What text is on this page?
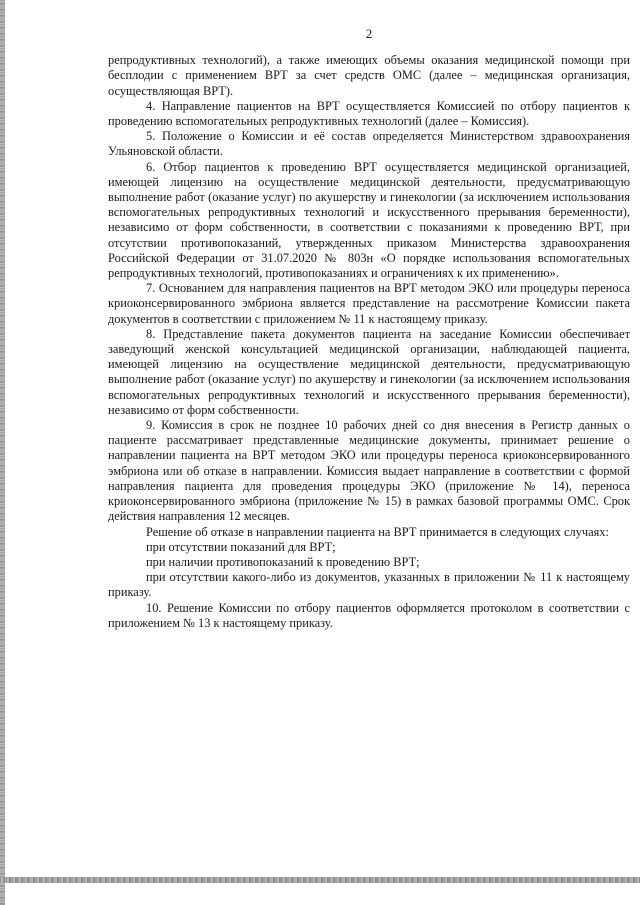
2

репродуктивных технологий), а также имеющих объемы оказания медицинской помощи при бесплодии с применением ВРТ за счет средств ОМС (далее – медицинская организация, осуществляющая ВРТ).

4. Направление пациентов на ВРТ осуществляется Комиссией по отбору пациентов к проведению вспомогательных репродуктивных технологий (далее – Комиссия).

5. Положение о Комиссии и её состав определяется Министерством здравоохранения Ульяновской области.

6. Отбор пациентов к проведению ВРТ осуществляется медицинской организацией, имеющей лицензию на осуществление медицинской деятельности, предусматривающую выполнение работ (оказание услуг) по акушерству и гинекологии (за исключением использования вспомогательных репродуктивных технологий и искусственного прерывания беременности), независимо от форм собственности, в соответствии с показаниями к проведению ВРТ, при отсутствии противопоказаний, утвержденных приказом Министерства здравоохранения Российской Федерации от 31.07.2020 № 803н «О порядке использования вспомогательных репродуктивных технологий, противопоказаниях и ограничениях к их применению».

7. Основанием для направления пациентов на ВРТ методом ЭКО или процедуры переноса криоконсервированного эмбриона является представление на рассмотрение Комиссии пакета документов в соответствии с приложением № 11 к настоящему приказу.

8. Представление пакета документов пациента на заседание Комиссии обеспечивает заведующий женской консультацией медицинской организации, наблюдающей пациента, имеющей лицензию на осуществление медицинской деятельности, предусматривающую выполнение работ (оказание услуг) по акушерству и гинекологии (за исключением использования вспомогательных репродуктивных технологий и искусственного прерывания беременности), независимо от форм собственности.

9. Комиссия в срок не позднее 10 рабочих дней со дня внесения в Регистр данных о пациенте рассматривает представленные медицинские документы, принимает решение о направлении пациента на ВРТ методом ЭКО или процедуры переноса криоконсервированного эмбриона или об отказе в направлении. Комиссия выдает направление в соответствии с формой направления пациента для проведения процедуры ЭКО (приложение № 14), переноса криоконсервированного эмбриона (приложение № 15) в рамках базовой программы ОМС. Срок действия направления 12 месяцев.

Решение об отказе в направлении пациента на ВРТ принимается в следующих случаях:

при отсутствии показаний для ВРТ;

при наличии противопоказаний к проведению ВРТ;

при отсутствии какого-либо из документов, указанных в приложении № 11 к настоящему приказу.

10. Решение Комиссии по отбору пациентов оформляется протоколом в соответствии с приложением № 13 к настоящему приказу.
